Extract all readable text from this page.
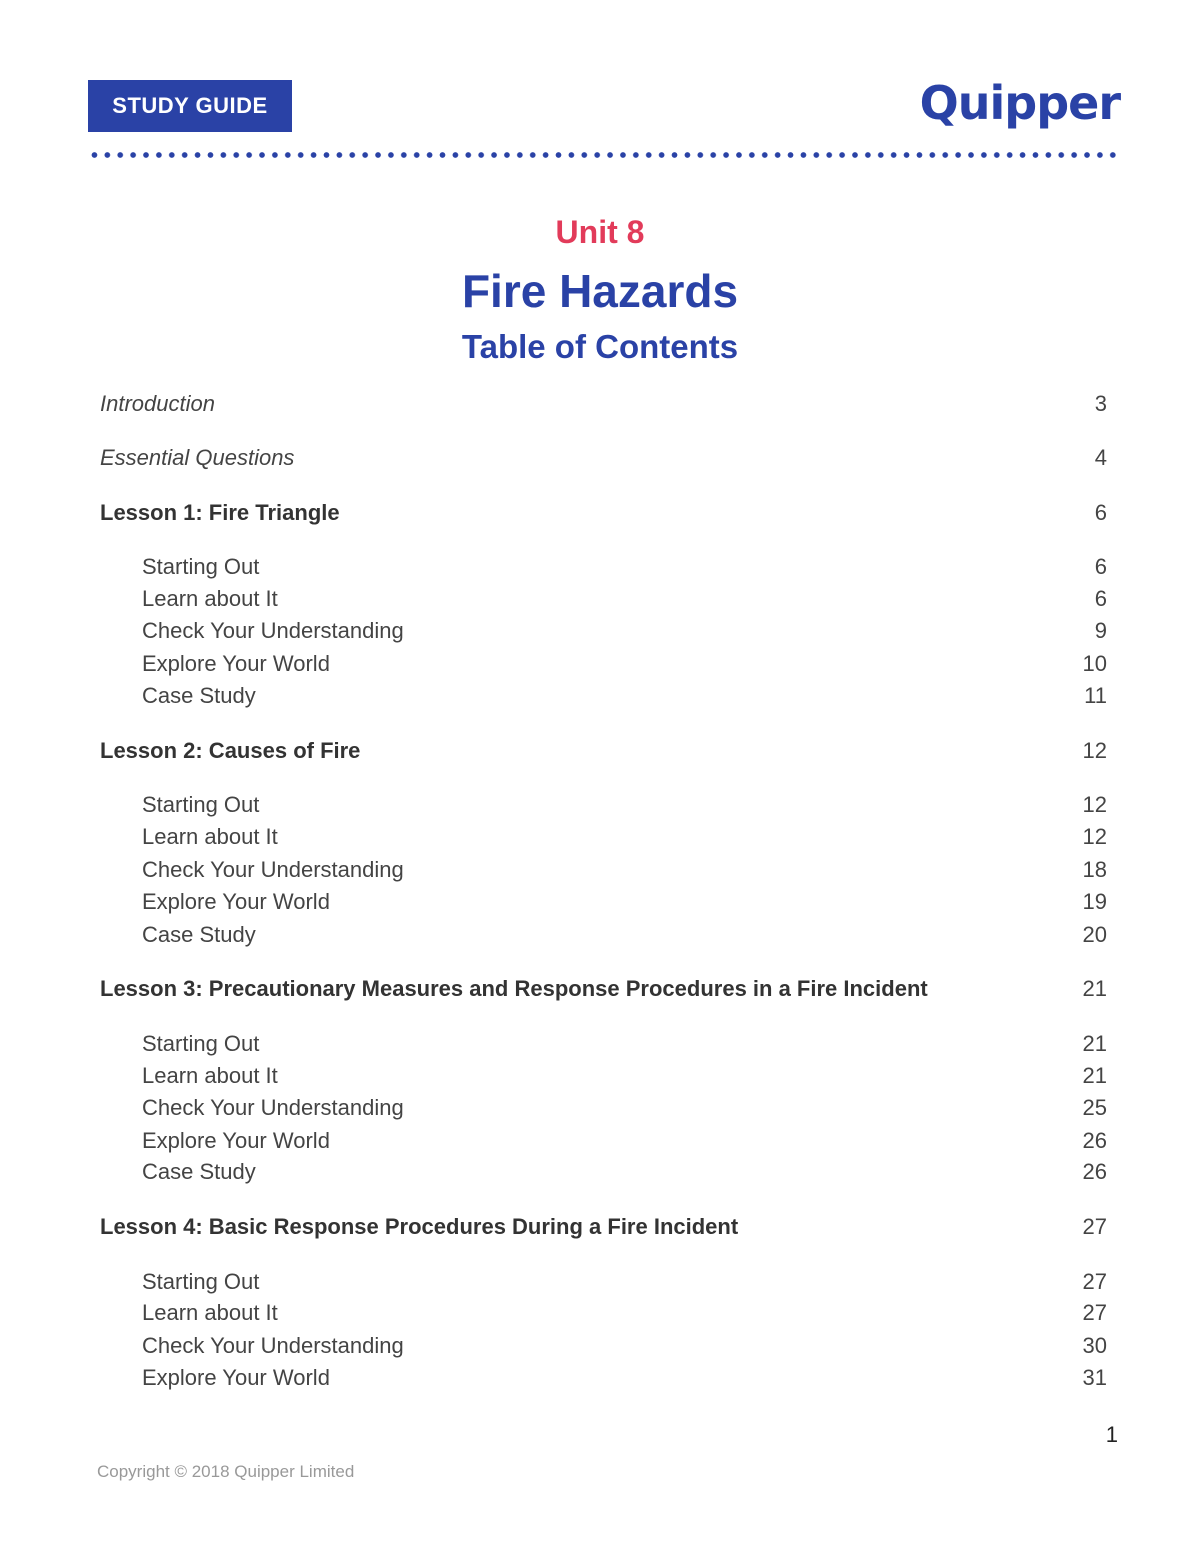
STUDY GUIDE	Quipper
Unit 8
Fire Hazards
Table of Contents
Introduction	3
Essential Questions	4
Lesson 1: Fire Triangle	6
Starting Out	6
Learn about It	6
Check Your Understanding	9
Explore Your World	10
Case Study	11
Lesson 2: Causes of Fire	12
Starting Out	12
Learn about It	12
Check Your Understanding	18
Explore Your World	19
Case Study	20
Lesson 3: Precautionary Measures and Response Procedures in a Fire Incident	21
Starting Out	21
Learn about It	21
Check Your Understanding	25
Explore Your World	26
Case Study	26
Lesson 4: Basic Response Procedures During a Fire Incident	27
Starting Out	27
Learn about It	27
Check Your Understanding	30
Explore Your World	31
1
Copyright © 2018 Quipper Limited
